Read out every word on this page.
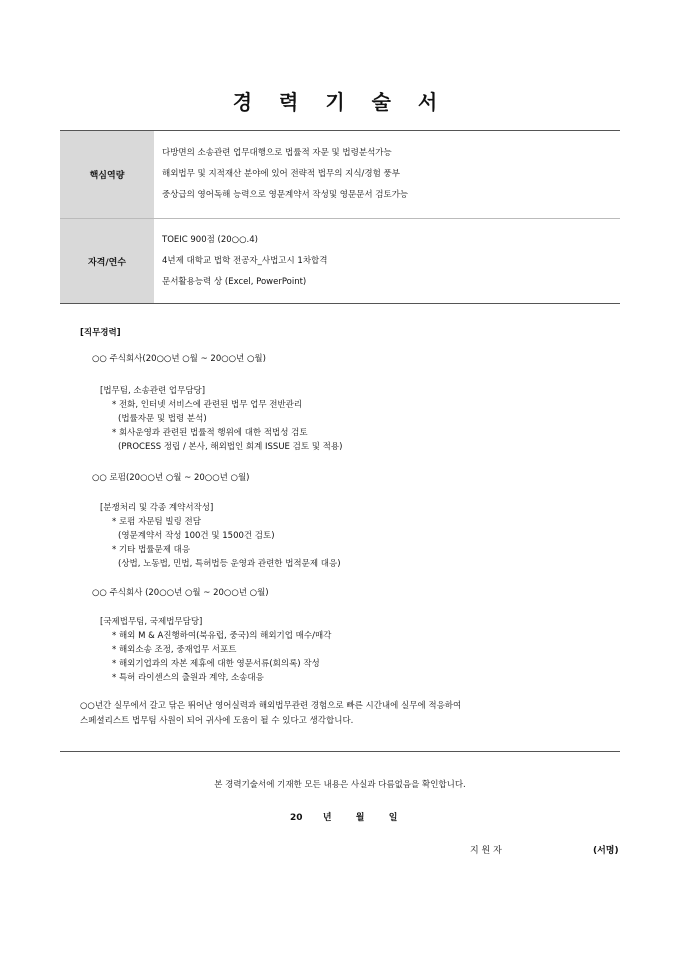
경 력 기 술 서
핵심역량
다방면의 소송관련 업무대행으로 법률적 자문 및 법령분석가능
해외법무 및 지적재산 분야에 있어 전략적 법무의 지식/경험 풍부
중상급의 영어독해 능력으로 영문계약서 작성및 영문문서 검토가능
자격/연수
TOEIC 900점 (20○○.4)
4년제 대학교 법학 전공자_사법고시 1차합격
문서활용능력 상 (Excel, PowerPoint)
[직무경력]
○○ 주식회사(20○○년 ○월 ~ 20○○년 ○월)
[법무팀, 소송관련 업무담당]
* 전화, 인터넷 서비스에 관련된 법무 업무 전반관리
(법률자문 및 법령 분석)
* 회사운영과 관련된 법률적 행위에 대한 적법성 검토
(PROCESS 정립 / 본사, 해외법인 회계 ISSUE 검토 및 적용)
○○ 로펌(20○○년 ○월 ~ 20○○년 ○월)
[분쟁처리 및 각종 계약서작성]
* 로펌 자문팀 빌링 전담
(영문계약서 작성 100건 및 1500건 검토)
* 기타 법률문제 대응
(상법, 노동법, 민법, 특허법등 운영과 관련한 법적문제 대응)
○○ 주식회사 (20○○년 ○월 ~ 20○○년 ○월)
[국제법무팀, 국제법무담당]
* 해외 M & A진행하여(북유럽, 중국)의 해외기업 매수/매각
* 해외소송 조정, 중재업무 서포트
* 해외기업과의 자본 제휴에 대한 영문서류(회의록) 작성
* 특허 라이센스의 출원과 계약, 소송대응
○○년간 실무에서 갈고 닦은 뛰어난 영어실력과 해외법무관련 경험으로 빠른 시간내에 실무에 적응하여
스페셜리스트 법무팀 사원이 되어 귀사에 도움이 될 수 있다고 생각합니다.
본 경력기술서에 기재한 모든 내용은 사실과 다름없음을 확인합니다.
20 년	월	일
지 원 자	(서명)
